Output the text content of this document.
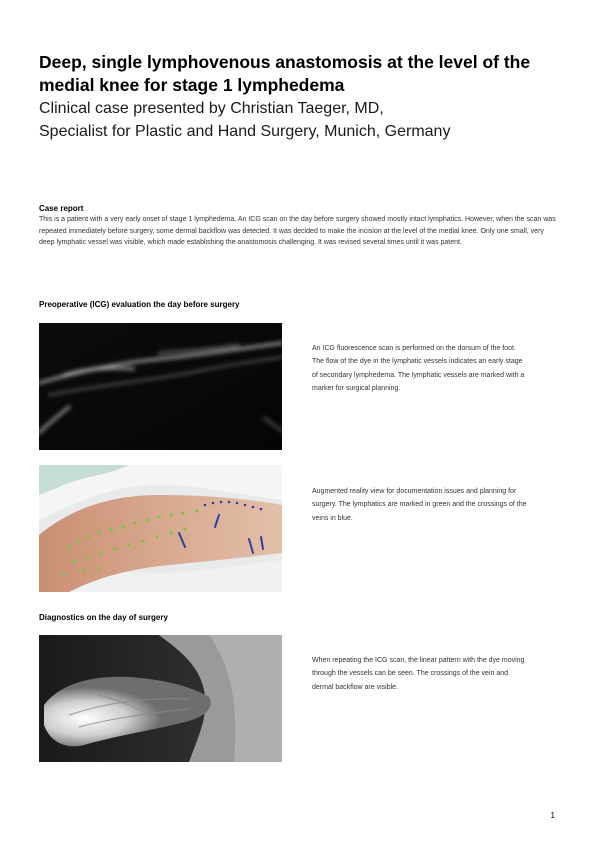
Deep, single lymphovenous anastomosis at the level of the medial knee for stage 1 lymphedema
Clinical case presented by Christian Taeger, MD,
Specialist for Plastic and Hand Surgery, Munich, Germany
Case report

This is a patient with a very early onset of stage 1 lymphedema. An ICG scan on the day before surgery showed mostly intact lymphatics. However, when the scan was repeated immediately before surgery, some dermal backflow was detected. It was decided to make the incision at the level of the medial knee. Only one small, very deep lymphatic vessel was visible, which made establishing the anastomosis challenging. It was revised several times until it was patent.

Preoperative (ICG) evaluation the day before surgery

An ICG fluorescence scan is performed on the dorsum of the foot. The flow of the dye in the lymphatic vessels indicates an early stage of secondary lymphedema. The lymphatic vessels are marked with a marker for surgical planning.

Augmented reality view for documentation issues and planning for surgery. The lymphatics are marked in green and the crossings of the veins in blue.

Diagnostics on the day of surgery

When repeating the ICG scan, the linear pattern with the dye moving through the vessels can be seen. The crossings of the vein and dermal backflow are visible.

1
